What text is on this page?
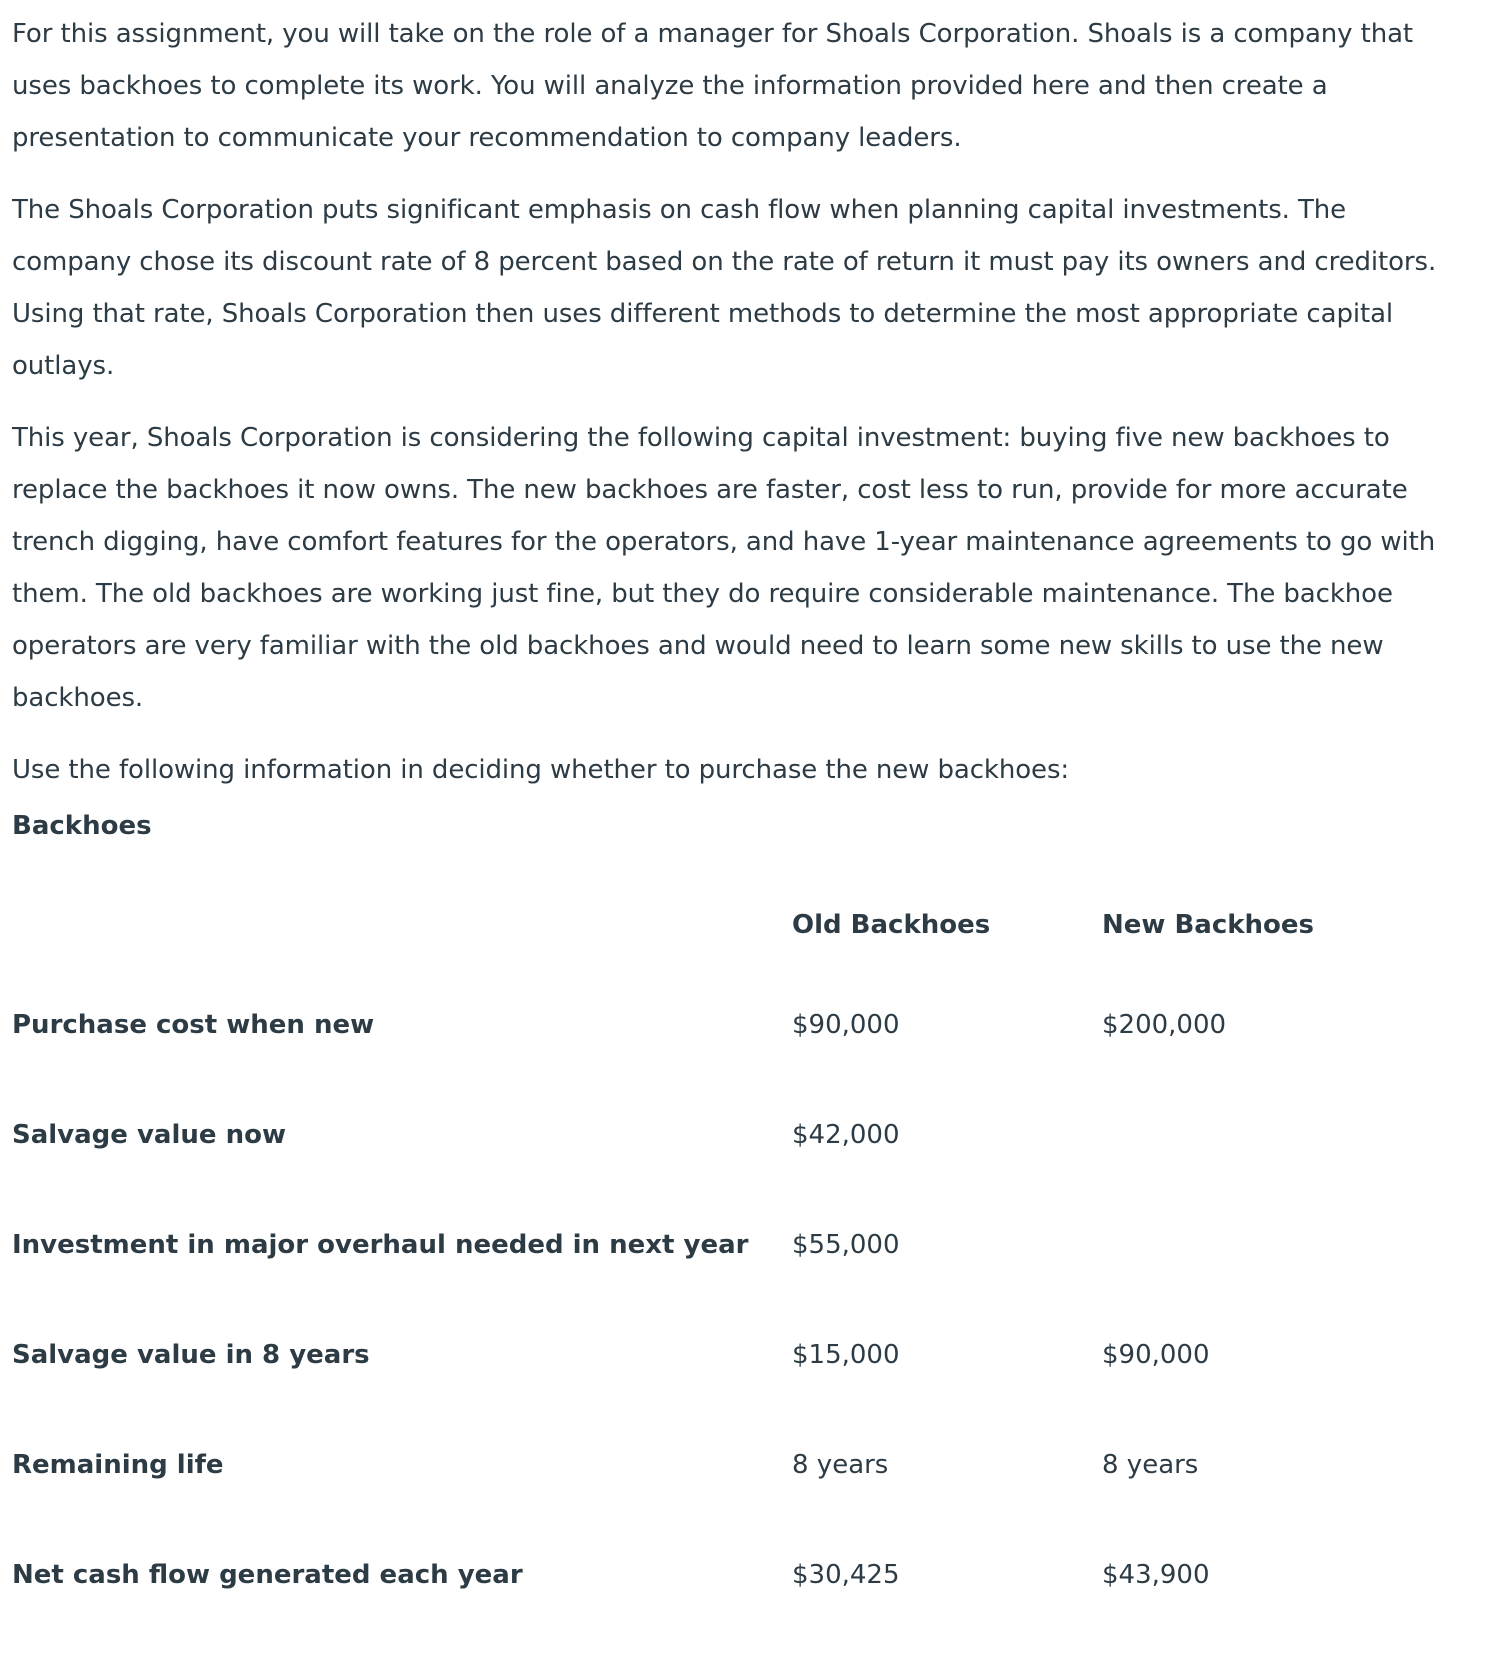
For this assignment, you will take on the role of a manager for Shoals Corporation. Shoals is a company that uses backhoes to complete its work. You will analyze the information provided here and then create a presentation to communicate your recommendation to company leaders.

The Shoals Corporation puts significant emphasis on cash flow when planning capital investments. The company chose its discount rate of 8 percent based on the rate of return it must pay its owners and creditors. Using that rate, Shoals Corporation then uses different methods to determine the most appropriate capital outlays.

This year, Shoals Corporation is considering the following capital investment: buying five new backhoes to replace the backhoes it now owns. The new backhoes are faster, cost less to run, provide for more accurate trench digging, have comfort features for the operators, and have 1-year maintenance agreements to go with them. The old backhoes are working just fine, but they do require considerable maintenance. The backhoe operators are very familiar with the old backhoes and would need to learn some new skills to use the new backhoes.

Use the following information in deciding whether to purchase the new backhoes:

Backhoes
	Old Backhoes	New Backhoes
Purchase cost when new	$90,000	$200,000
Salvage value now	$42,000	
Investment in major overhaul needed in next year	$55,000	
Salvage value in 8 years	$15,000	$90,000
Remaining life	8 years	8 years
Net cash flow generated each year	$30,425	$43,900
